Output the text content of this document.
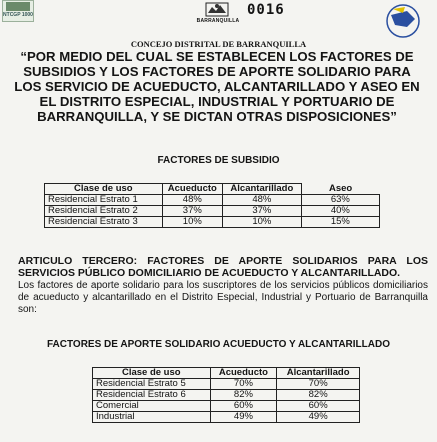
NTCGP 1000
BARRANQUILLA
0016
CONCEJO DISTRITAL DE BARRANQUILLA
“POR MEDIO DEL CUAL SE ESTABLECEN LOS FACTORES DE SUBSIDIOS Y LOS FACTORES DE APORTE SOLIDARIO PARA LOS SERVICIO DE ACUEDUCTO, ALCANTARILLADO Y ASEO EN EL DISTRITO ESPECIAL, INDUSTRIAL Y PORTUARIO DE BARRANQUILLA, Y SE DICTAN OTRAS DISPOSICIONES”
FACTORES DE SUBSIDIO
Clase de uso	Acueducto	Alcantarillado	Aseo
Residencial Estrato 1	48%	48%	63%
Residencial Estrato 2	37%	37%	40%
Residencial Estrato 3	10%	10%	15%
ARTICULO TERCERO: FACTORES DE APORTE SOLIDARIOS PARA LOS SERVICIOS PÚBLICO DOMICILIARIO DE ACUEDUCTO Y ALCANTARILLADO.
Los factores de aporte solidario para los suscriptores de los servicios públicos domiciliarios de acueducto y alcantarillado en el Distrito Especial, Industrial y Portuario de Barranquilla son:
FACTORES DE APORTE SOLIDARIO ACUEDUCTO Y ALCANTARILLADO
Clase de uso	Acueducto	Alcantarillado
Residencial Estrato 5	70%	70%
Residencial Estrato 6	82%	82%
Comercial	60%	60%
Industrial	49%	49%
